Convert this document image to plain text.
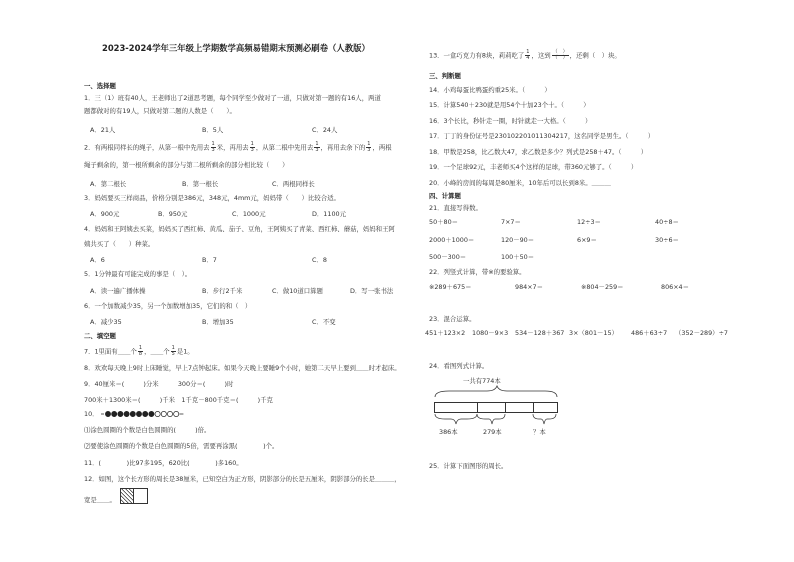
2023-2024学年三年级上学期数学高频易错期末预测必刷卷（人教版）
一、选择题
1．三（1）班有40人，王老师出了2道思考题，每个同学至少做对了一道，只做对第一题的有16人，两道
题都做对的有19人，只做对第二题的人数是（　　）。
A．21人	B．5人	C．24人
2．有两根同样长的绳子，从第一根中先用去 $\frac{1}{3}$ 米，再用去 $\frac{1}{3}$ ，从第二根中先用去 $\frac{1}{3}$ ，再用去余下的 $\frac{1}{3}$ ，两根
绳子剩余的，第一根所剩余的部分与第二根所剩余的部分相比较（　　）
A．第二根长	B．第一根长	C．两根同样长
3．妈妈要买三样商品，价格分别是386元，348元，4mm元，妈妈带（　　）比较合适。
A．900元	B．950元	C．1000元	D．1100元
4．妈妈和王阿姨去买菜，妈妈买了西红柿、黄瓜、茄子、豆角，王阿姨买了青菜、西红柿、蘑菇，妈妈和王阿
姨共买了（　　）种菜。
A．6	B．7	C．8
5．1分钟最有可能完成的事是（　）。
A．读一遍广播体操	B．步行2千米	C．做10道口算题	D．写一张书法
6．一个加数减少35，另一个加数增加35，它们的和（　）
A．减少35	B．增加35	C．不变
二、填空题
7．1里面有＿＿个 $\frac{1}{8}$ ，＿＿个 $\frac{1}{5}$ 是1。
8．欢欢每天晚上9时上床睡觉，早上7点钟起床。如果今天晚上要睡9个小时，她第二天早上要到＿＿时才起床。
9．40厘米＝(　　　)分米　　　300分＝(　　　)时
700米＋1300米＝(　　　)千米　1千克－800千克＝(　　　)千克
10．
⑴涂色圆圈的个数是白色圆圈的(　　　)倍。
⑵要使涂色圆圈的个数是白色圆圈的5倍，需要再涂黑(　　　　)个。
11．(　　　　)比97多195，620比(　　　　)多160。
12．如图，这个长方形的周长是38厘米，已知空白为正方形，阴影部分的长是五厘米，阴影部分的长是＿＿＿，
宽是＿＿。
13．一盒巧克力有8块，莉莉吃了 $\frac{1}{4}$ ，这到 $\frac{( )}{( )}$ ，还剩（　）块。
三、判断题
14．小鸡每蛋比鸭蛋约重25米。（　　　）
15．计算540＋230就是用54个十加23个十。（　　　）
16．3个长比，秒针走一圈，时针就走一大格。（　　　）
17．丁丁的身份证号是230102201011304217，这名同学是男生。（　　　）
18．甲数是258，比乙数大47，求乙数是多少？列式是258＋47。（　　　）
19．一个足球92元，丰老师买4个这样的足球，带360元够了。（　　　）
20．小峰的房间的每周是80厘米，10年后可以长到8米。＿＿＿
四、计算题
21．直接写得数。
50＋80＝	7×7＝	12÷3＝	40÷8＝
2000＋1000＝	120－90＝	6×9＝	30÷6＝
500－300＝	100＋50＝
22．列竖式计算，带※的要验算。
※289＋675＝	984×7＝	※804－259＝	806×4＝
23．混合运算。
451＋123×2 1080－9×3 534－128＋367 3×（801－15） 486＋63÷7 （352－289）÷7
24．看图列式计算。
一共有774本
386本	279本	？本
25．计算下面图形的周长。
